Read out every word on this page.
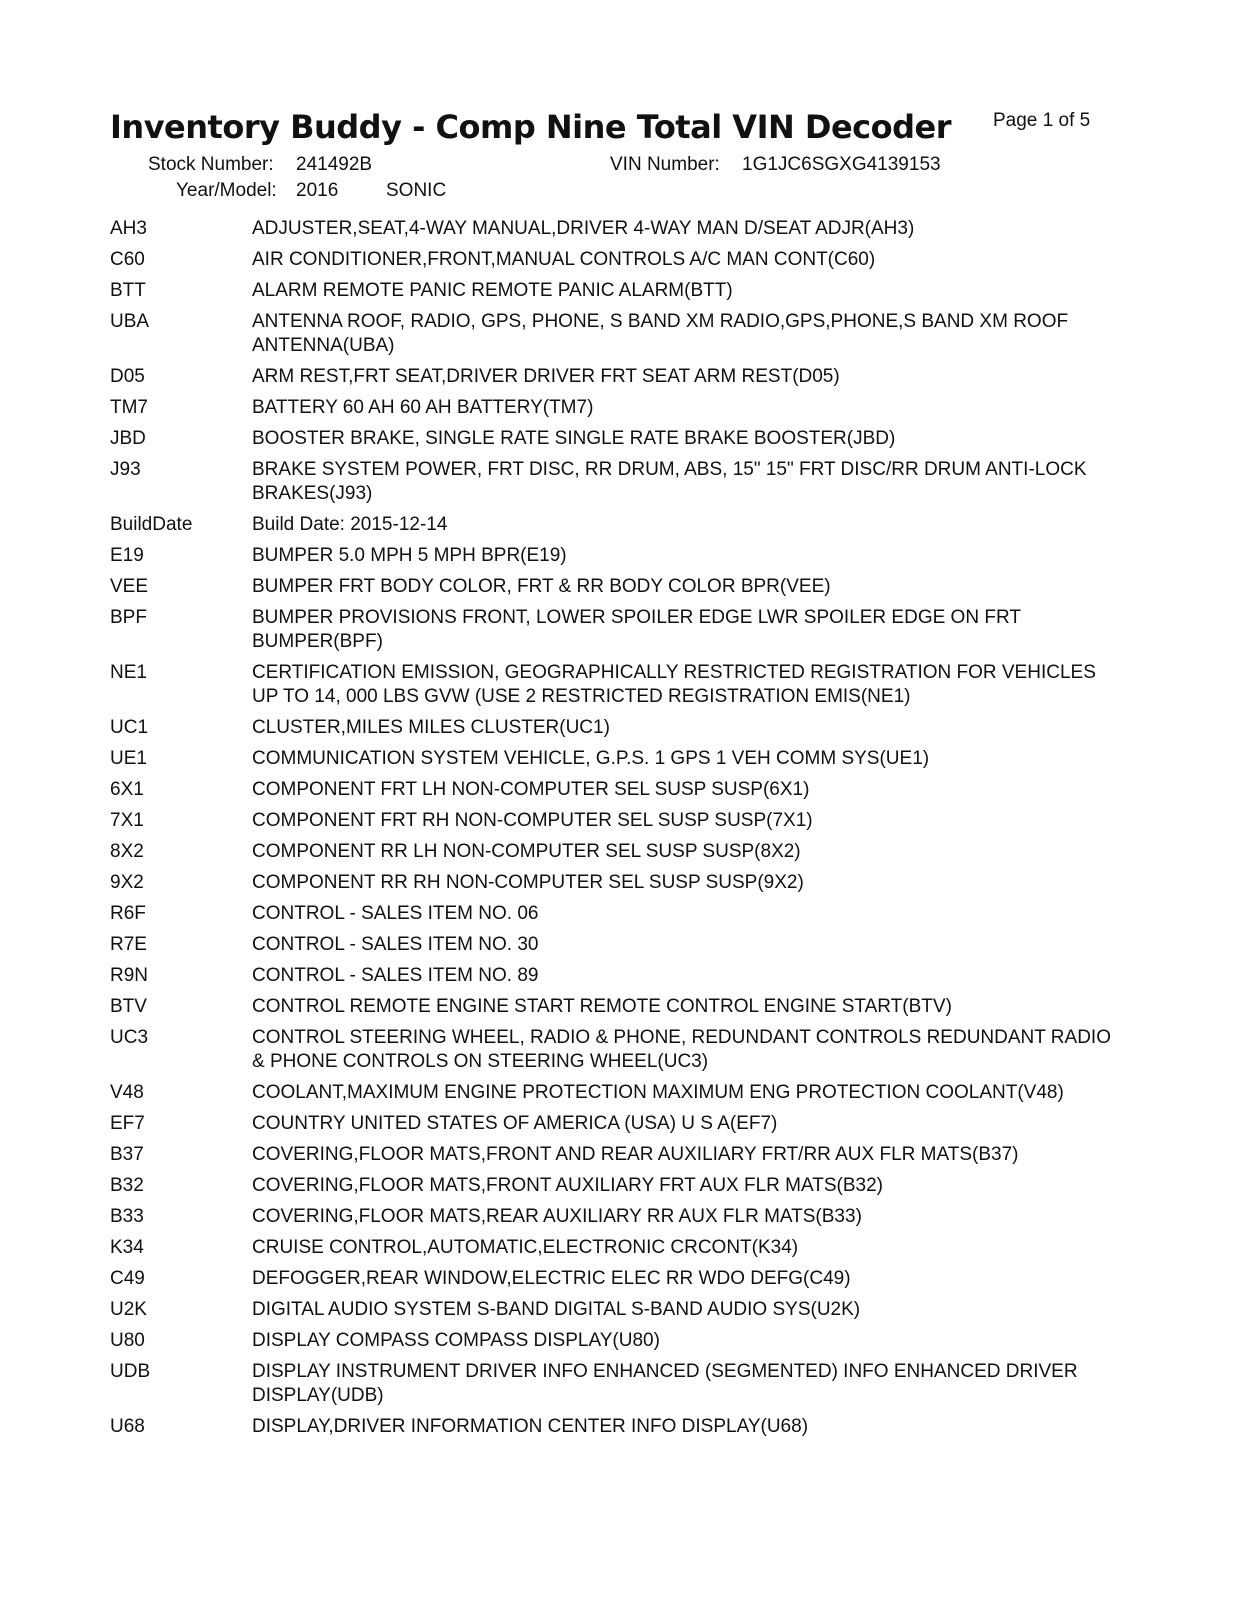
Inventory Buddy - Comp Nine Total VIN Decoder Page 1 of 5
Stock Number: 241492B	VIN Number: 1G1JC6SGXG4139153
Year/Model: 2016	SONIC
AH3	ADJUSTER,SEAT,4-WAY MANUAL,DRIVER 4-WAY MAN D/SEAT ADJR(AH3)
C60	AIR CONDITIONER,FRONT,MANUAL CONTROLS A/C MAN CONT(C60)
BTT	ALARM REMOTE PANIC REMOTE PANIC ALARM(BTT)
UBA	ANTENNA ROOF, RADIO, GPS, PHONE, S BAND XM RADIO,GPS,PHONE,S BAND XM ROOF ANTENNA(UBA)
D05	ARM REST,FRT SEAT,DRIVER DRIVER FRT SEAT ARM REST(D05)
TM7	BATTERY 60 AH 60 AH BATTERY(TM7)
JBD	BOOSTER BRAKE, SINGLE RATE SINGLE RATE BRAKE BOOSTER(JBD)
J93	BRAKE SYSTEM POWER, FRT DISC, RR DRUM, ABS, 15" 15" FRT DISC/RR DRUM ANTI-LOCK BRAKES(J93)
BuildDate	Build Date: 2015-12-14
E19	BUMPER 5.0 MPH 5 MPH BPR(E19)
VEE	BUMPER FRT BODY COLOR, FRT & RR BODY COLOR BPR(VEE)
BPF	BUMPER PROVISIONS FRONT, LOWER SPOILER EDGE LWR SPOILER EDGE ON FRT BUMPER(BPF)
NE1	CERTIFICATION EMISSION, GEOGRAPHICALLY RESTRICTED REGISTRATION FOR VEHICLES UP TO 14, 000 LBS GVW (USE 2 RESTRICTED REGISTRATION EMIS(NE1)
UC1	CLUSTER,MILES MILES CLUSTER(UC1)
UE1	COMMUNICATION SYSTEM VEHICLE, G.P.S. 1 GPS 1 VEH COMM SYS(UE1)
6X1	COMPONENT FRT LH NON-COMPUTER SEL SUSP SUSP(6X1)
7X1	COMPONENT FRT RH NON-COMPUTER SEL SUSP SUSP(7X1)
8X2	COMPONENT RR LH NON-COMPUTER SEL SUSP SUSP(8X2)
9X2	COMPONENT RR RH NON-COMPUTER SEL SUSP SUSP(9X2)
R6F	CONTROL - SALES ITEM NO. 06
R7E	CONTROL - SALES ITEM NO. 30
R9N	CONTROL - SALES ITEM NO. 89
BTV	CONTROL REMOTE ENGINE START REMOTE CONTROL ENGINE START(BTV)
UC3	CONTROL STEERING WHEEL, RADIO & PHONE, REDUNDANT CONTROLS REDUNDANT RADIO & PHONE CONTROLS ON STEERING WHEEL(UC3)
V48	COOLANT,MAXIMUM ENGINE PROTECTION MAXIMUM ENG PROTECTION COOLANT(V48)
EF7	COUNTRY UNITED STATES OF AMERICA (USA) U S A(EF7)
B37	COVERING,FLOOR MATS,FRONT AND REAR AUXILIARY FRT/RR AUX FLR MATS(B37)
B32	COVERING,FLOOR MATS,FRONT AUXILIARY FRT AUX FLR MATS(B32)
B33	COVERING,FLOOR MATS,REAR AUXILIARY RR AUX FLR MATS(B33)
K34	CRUISE CONTROL,AUTOMATIC,ELECTRONIC CRCONT(K34)
C49	DEFOGGER,REAR WINDOW,ELECTRIC ELEC RR WDO DEFG(C49)
U2K	DIGITAL AUDIO SYSTEM S-BAND DIGITAL S-BAND AUDIO SYS(U2K)
U80	DISPLAY COMPASS COMPASS DISPLAY(U80)
UDB	DISPLAY INSTRUMENT DRIVER INFO ENHANCED (SEGMENTED) INFO ENHANCED DRIVER DISPLAY(UDB)
U68	DISPLAY,DRIVER INFORMATION CENTER INFO DISPLAY(U68)
